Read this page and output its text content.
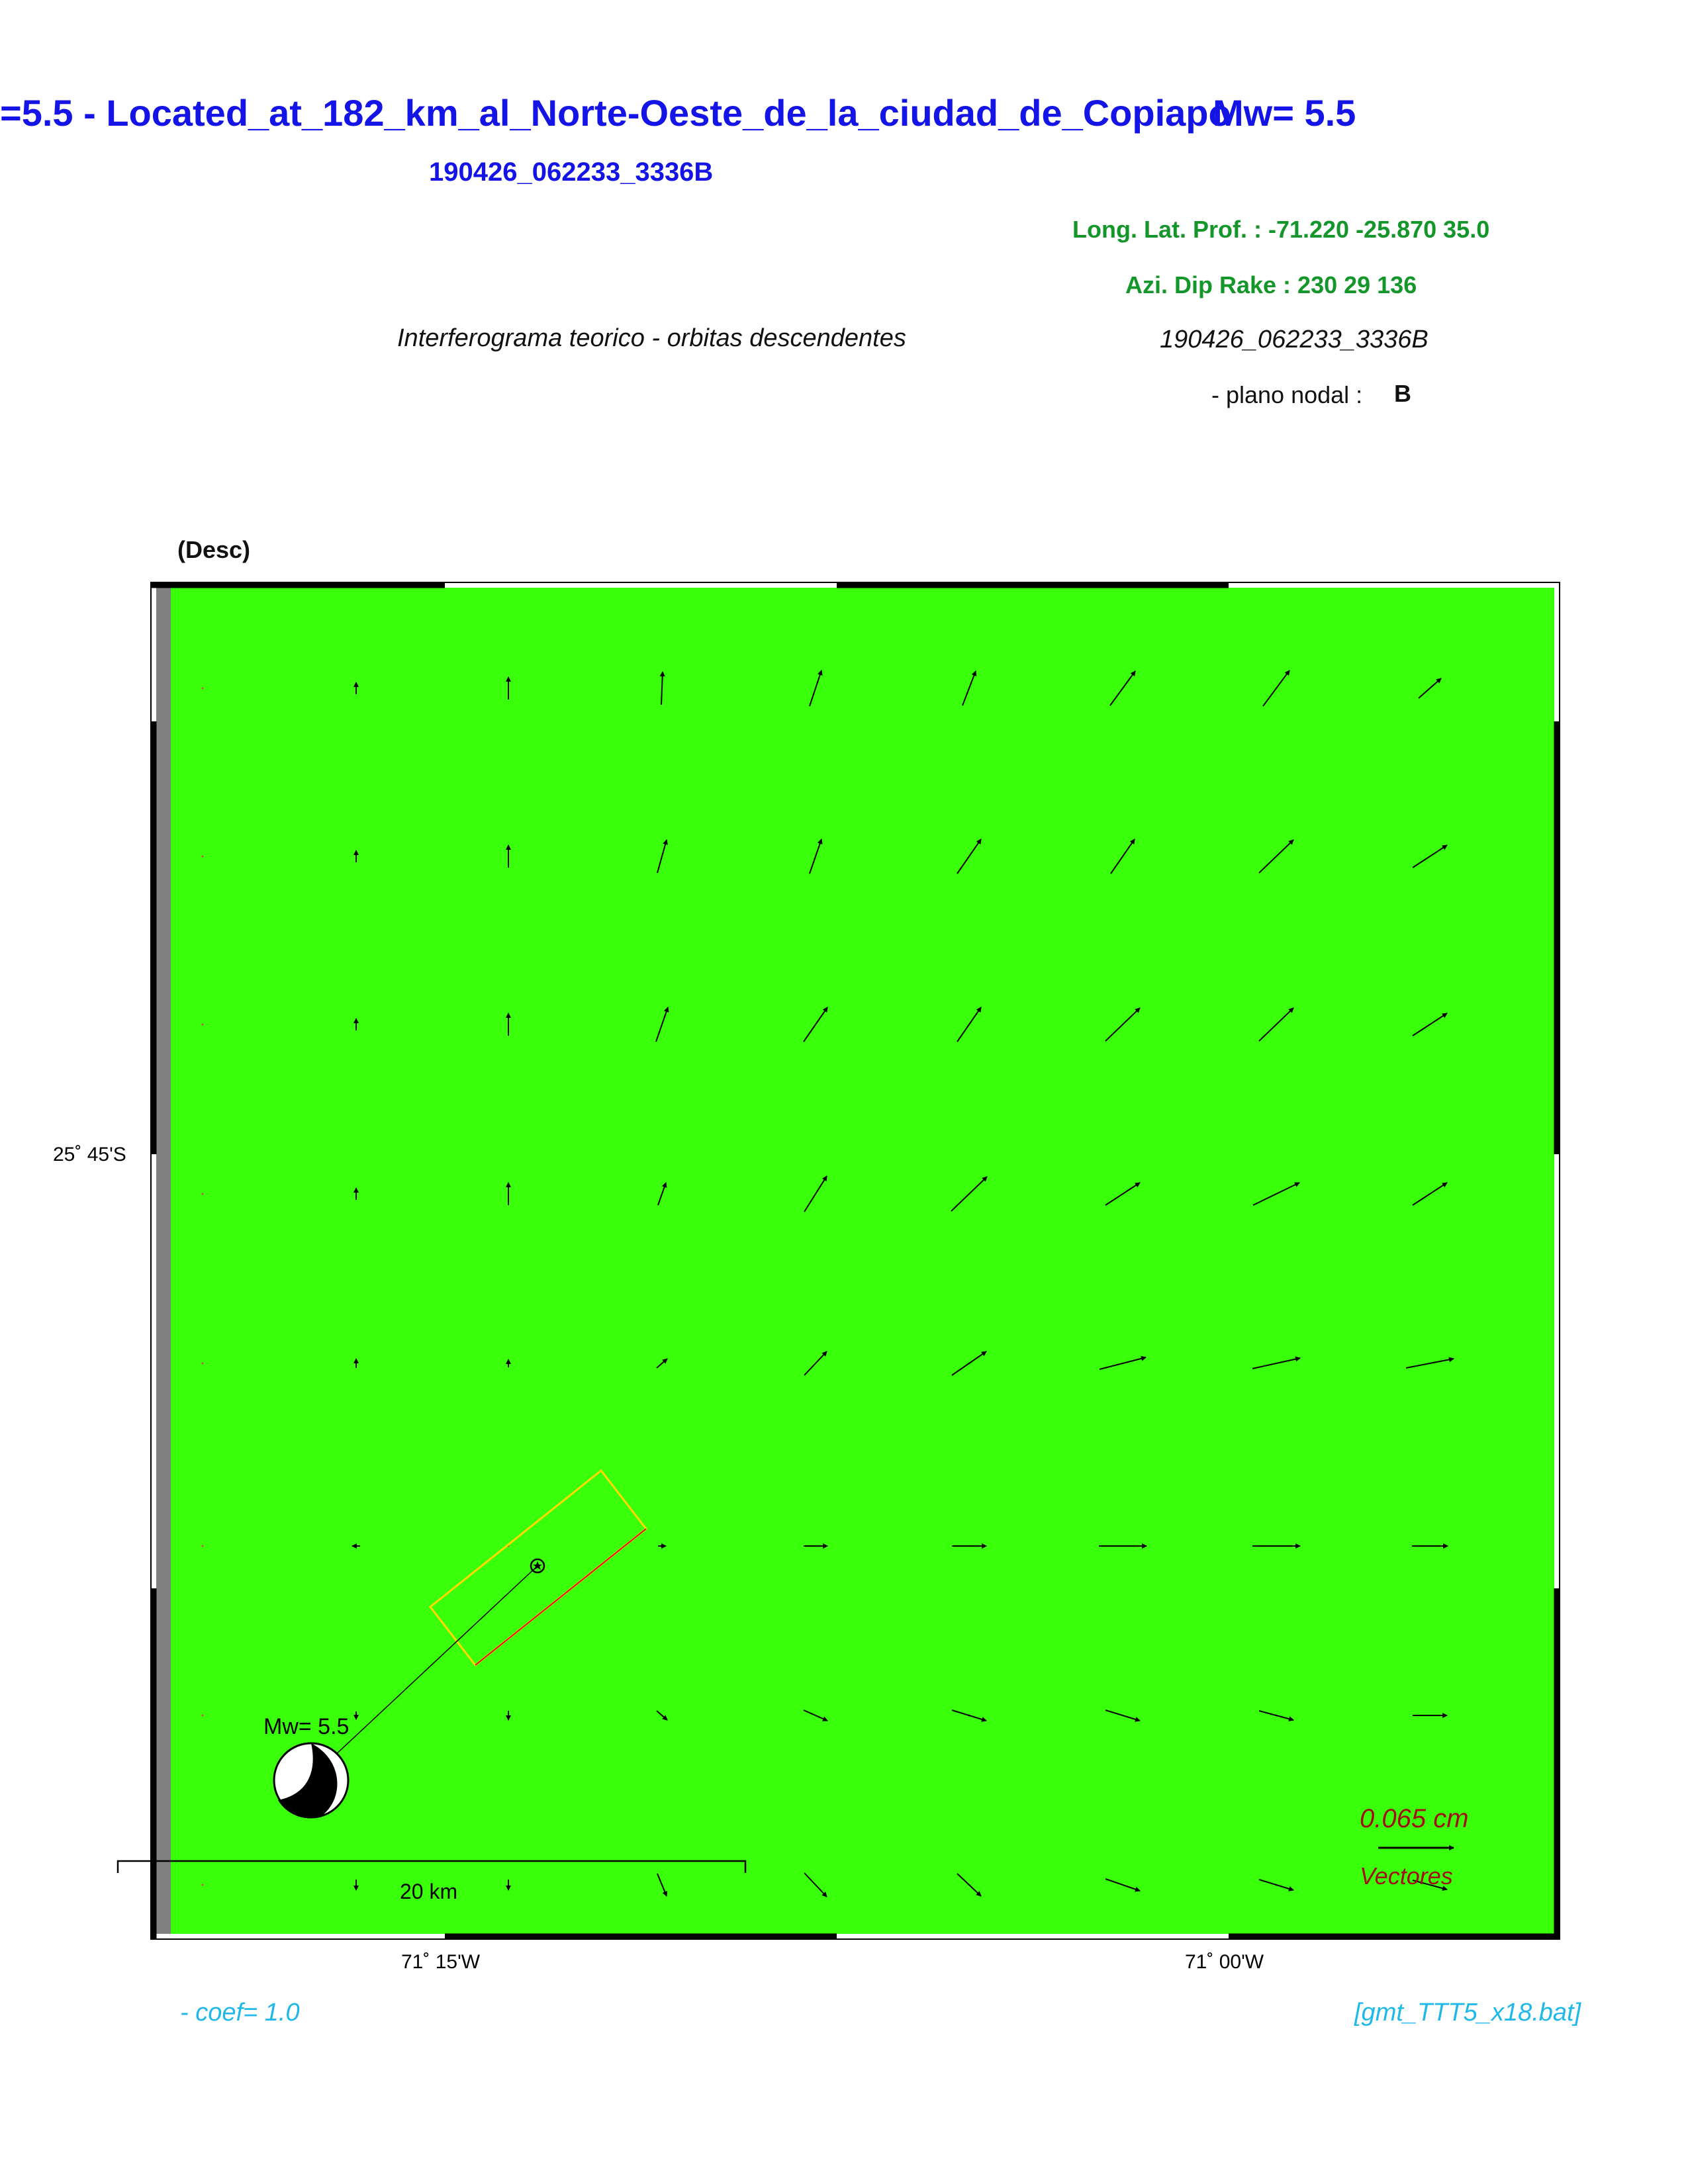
=5.5 - Located_at_182_km_al_Norte-Oeste_de_la_ciudad_de_Copiapo
Mw= 5.5
190426_062233_3336B
Long. Lat. Prof. : -71.220 -25.870 35.0
Azi. Dip Rake : 230 29 136
Interferograma teorico - orbitas descendentes	190426_062233_3336B
- plano nodal : B
(Desc)
25˚ 45'S
71˚ 15'W	71˚ 00'W
Mw= 5.5
20 km
0.065 cm
Vectores
- coef= 1.0	[gmt_TTT5_x18.bat]
